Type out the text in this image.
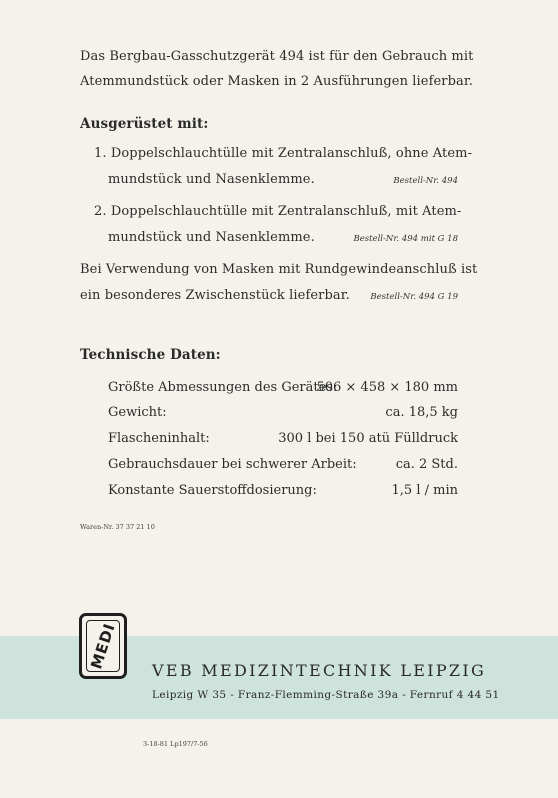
Das Bergbau-Gasschutzgerät 494 ist für den Gebrauch mit
Atemmundstück oder Masken in 2 Ausführungen lieferbar.
Ausgerüstet mit:
1. Doppelschlauchtülle mit Zentralanschluß, ohne Atem-
mundstück und Nasenklemme.	Bestell-Nr. 494
2. Doppelschlauchtülle mit Zentralanschluß, mit Atem-
mundstück und Nasenklemme.	Bestell-Nr. 494 mit G 18
Bei Verwendung von Masken mit Rundgewindeanschluß ist
ein besonderes Zwischenstück lieferbar. Bestell-Nr. 494 G 19
Technische Daten:
Größte Abmessungen des Gerätes:
506 × 458 × 180 mm
Gewicht:	ca. 18,5 kg
Flascheninhalt:	300 l bei 150 atü Fülldruck
Gebrauchsdauer bei schwerer Arbeit:	ca. 2 Std.
Konstante Sauerstoffdosierung:	1,5 l / min
Waren-Nr. 37 37 21 10
MEDI VEB MEDIZINTECHNIK LEIPZIG
Leipzig W 35 - Franz-Flemming-Straße 39a - Fernruf 4 44 51
3-18-81 Lp197/7-56
